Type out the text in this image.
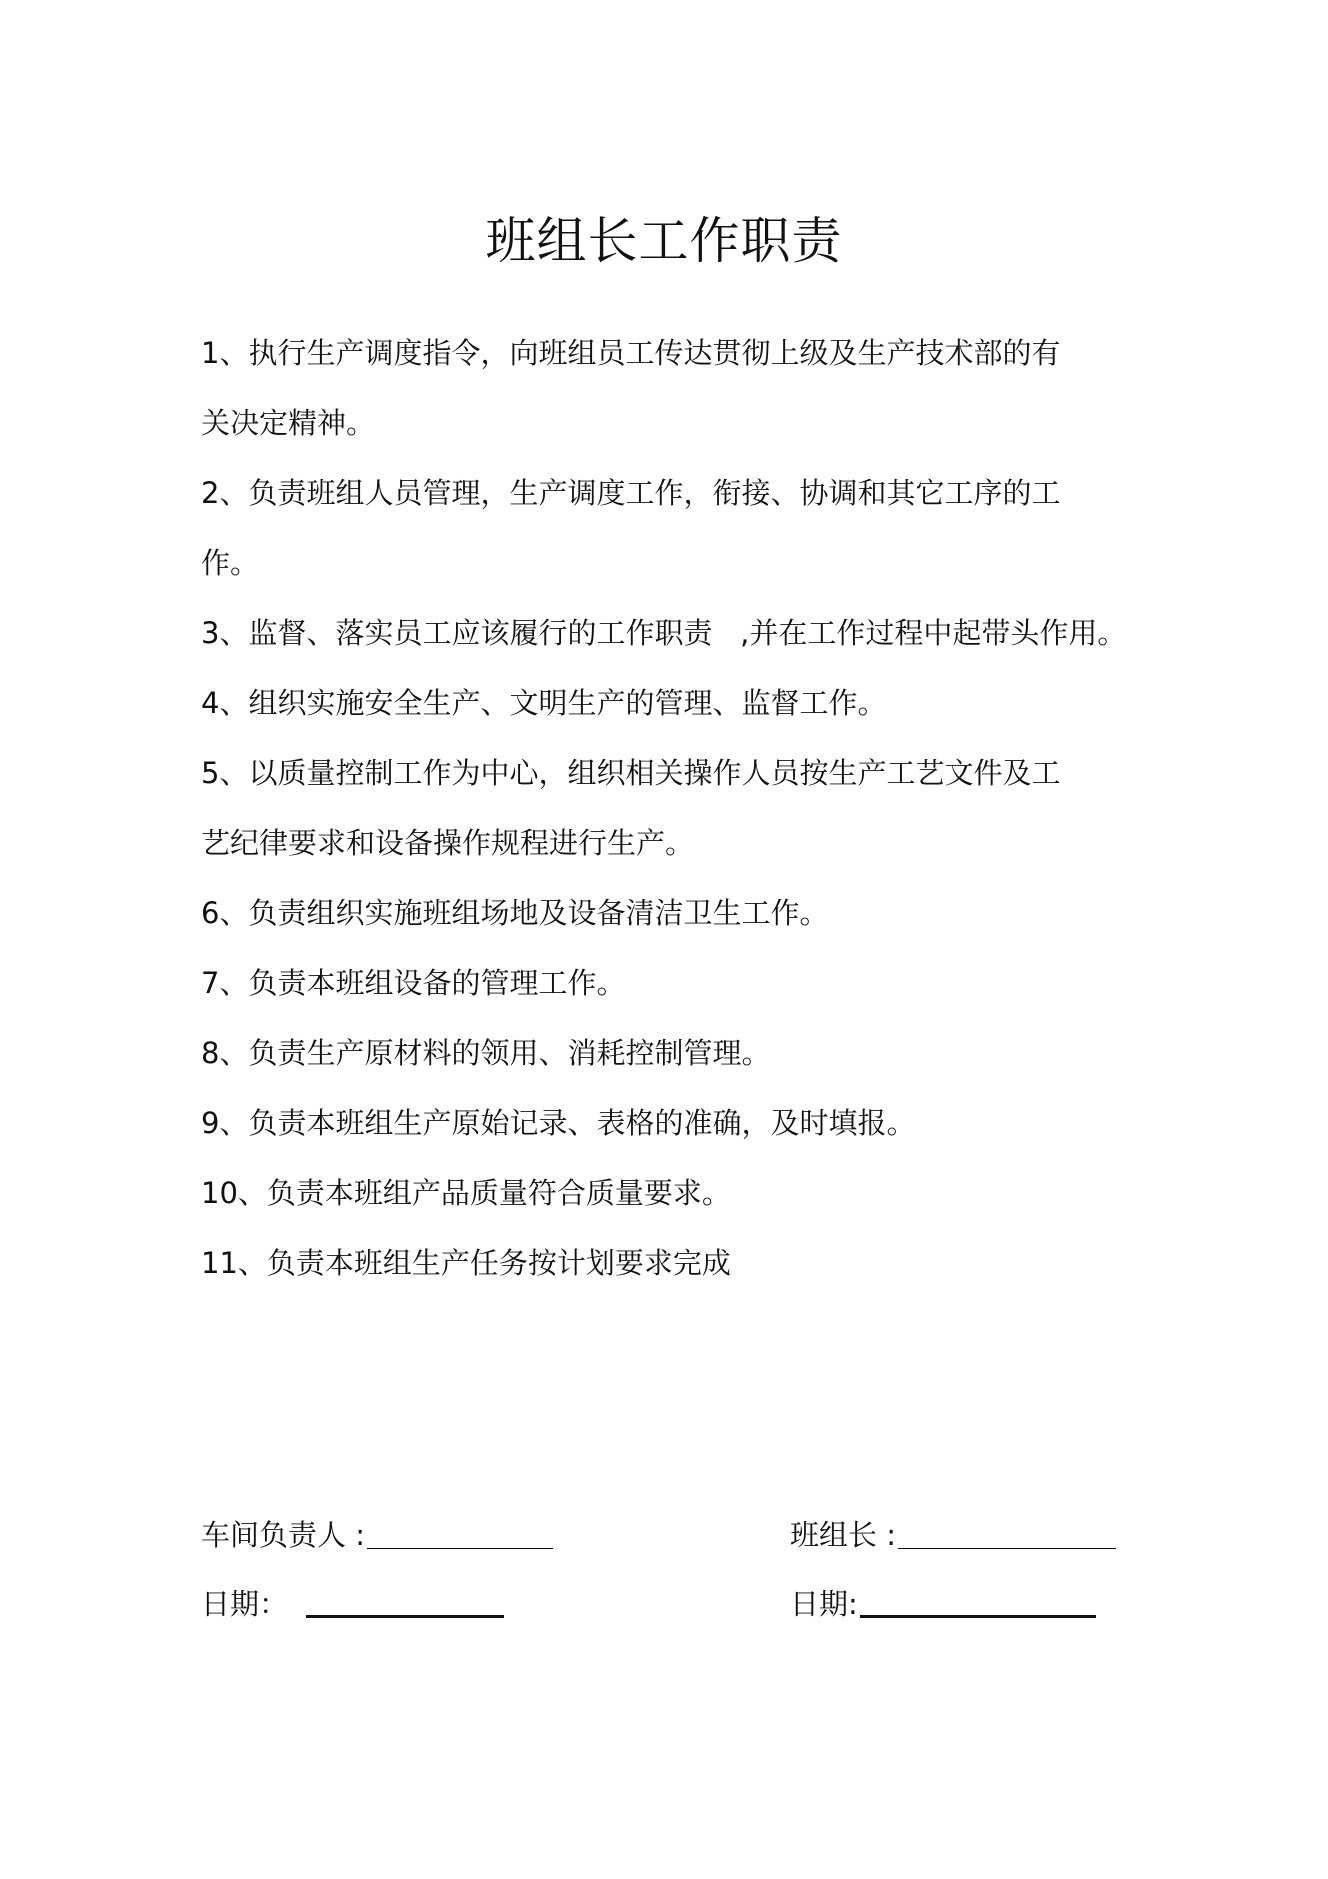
班组长工作职责
1、执行生产调度指令，向班组员工传达贯彻上级及生产技术部的有
关决定精神。
2、负责班组人员管理，生产调度工作，衔接、协调和其它工序的工
作。
3、监督、落实员工应该履行的工作职责   ,并在工作过程中起带头作用。
4、组织实施安全生产、文明生产的管理、监督工作。
5、以质量控制工作为中心，组织相关操作人员按生产工艺文件及工
艺纪律要求和设备操作规程进行生产。
6、负责组织实施班组场地及设备清洁卫生工作。
7、负责本班组设备的管理工作。
8、负责生产原材料的领用、消耗控制管理。
9、负责本班组生产原始记录、表格的准确，及时填报。
10、负责本班组产品质量符合质量要求。
11、负责本班组生产任务按计划要求完成
车间负责人 :	班组长 :
日期：	日期:
